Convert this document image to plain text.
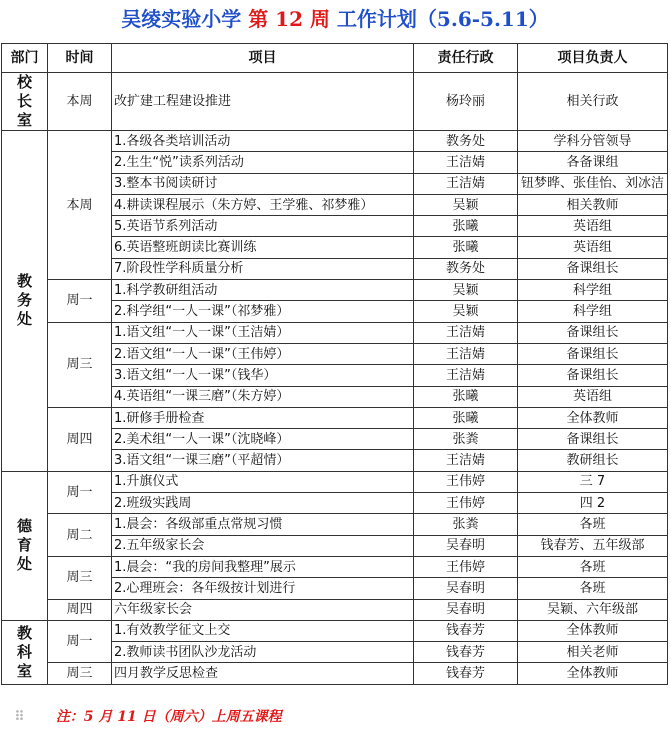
吴绫实验小学 第 12 周 工作计划（5.6-5.11）
部门	时间	项目	责任行政	项目负责人

校
长
室	本周	改扩建工程建设推进	杨玲丽	相关行政

教
务
处	本周	1.各级各类培训活动	教务处	学科分管领导
		2.生生“悦”读系列活动	王洁婧	各备课组
		3.整本书阅读研讨	王洁婧	钮梦晔、张佳怡、刘冰洁
		4.耕读课程展示（朱方婷、王学雅、祁梦雅）	吴颖	相关教师
		5.英语节系列活动	张曦	英语组
		6.英语整班朗读比赛训练	张曦	英语组
		7.阶段性学科质量分析	教务处	备课组长
	周一	1.科学教研组活动	吴颖	科学组
		2.科学组“一人一课”（祁梦雅）	吴颖	科学组
	周三	1.语文组“一人一课”（王洁婧）	王洁婧	备课组长
		2.语文组“一人一课”（王伟婷）	王洁婧	备课组长
		3.语文组“一人一课”（钱华）	王洁婧	备课组长
		4.英语组“一课三磨”（朱方婷）	张曦	英语组
	周四	1.研修手册检查	张曦	全体教师
		2.美术组“一人一课”（沈晓峰）	张粪	备课组长
		3.语文组“一课三磨”（平超情）	王洁婧	教研组长

德
育
处	周一	1.升旗仪式	王伟婷	三 7
		2.班级实践周	王伟婷	四 2
	周二	1.晨会：各级部重点常规习惯	张粪	各班
		2.五年级家长会	吴春明	钱春芳、五年级部
	周三	1.晨会：“我的房间我整理”展示	王伟婷	各班
		2.心理班会：各年级按计划进行	吴春明	各班
	周四	六年级家长会	吴春明	吴颖、六年级部

教
科
室	周一	1.有效教学征文上交	钱春芳	全体教师
		2.教师读书团队沙龙活动	钱春芳	相关老师
	周三	四月教学反思检查	钱春芳	全体教师
⠿ 注：5 月 11 日（周六）上周五课程
